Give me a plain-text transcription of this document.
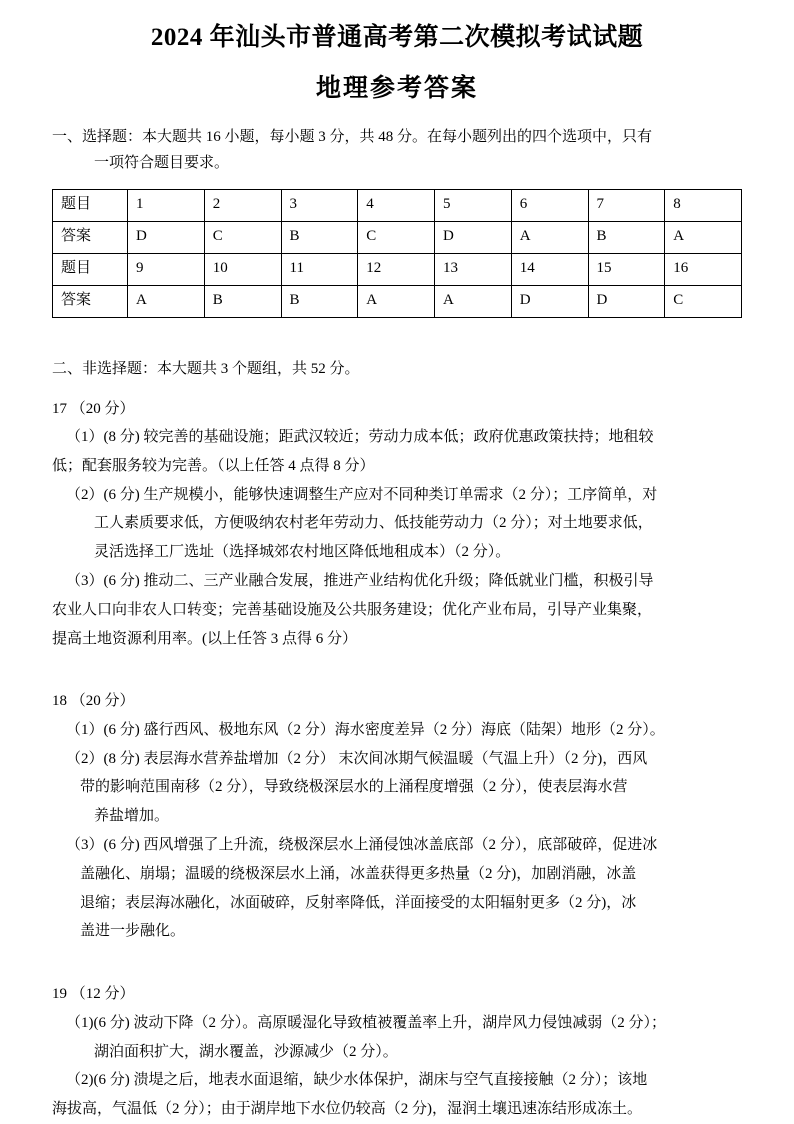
2024 年汕头市普通高考第二次模拟考试试题
地理参考答案
一、选择题：本大题共 16 小题，每小题 3 分，共 48 分。在每小题列出的四个选项中，只有
一项符合题目要求。
题目	1	2	3	4	5	6	7	8
答案	D	C	B	C	D	A	B	A
题目	9	10	11	12	13	14	15	16
答案	A	B	B	A	A	D	D	C
二、非选择题：本大题共 3 个题组，共 52 分。
17 （20 分）

（1）(8 分) 较完善的基础设施；距武汉较近；劳动力成本低；政府优惠政策扶持；地租较

低；配套服务较为完善。（以上任答 4 点得 8 分）

（2）(6 分) 生产规模小，能够快速调整生产应对不同种类订单需求（2 分）；工序简单，对

工人素质要求低，方便吸纳农村老年劳动力、低技能劳动力（2 分）；对土地要求低，

灵活选择工厂选址（选择城郊农村地区降低地租成本）（2 分）。

（3）(6 分) 推动二、三产业融合发展，推进产业结构优化升级；降低就业门槛，积极引导

农业人口向非农人口转变；完善基础设施及公共服务建设；优化产业布局，引导产业集聚，

提高土地资源利用率。(以上任答 3 点得 6 分）

18 （20 分）

（1）(6 分) 盛行西风、极地东风（2 分）海水密度差异（2 分）海底（陆架）地形（2 分）。

（2）(8 分) 表层海水营养盐增加（2 分） 末次间冰期气候温暖（气温上升）（2 分)，西风

带的影响范围南移（2 分），导致绕极深层水的上涌程度增强（2 分），使表层海水营

养盐增加。

（3）(6 分) 西风增强了上升流，绕极深层水上涌侵蚀冰盖底部（2 分），底部破碎，促进冰

盖融化、崩塌；温暖的绕极深层水上涌，冰盖获得更多热量（2 分)，加剧消融，冰盖

退缩；表层海冰融化，冰面破碎，反射率降低，洋面接受的太阳辐射更多（2 分)，冰

盖进一步融化。

19 （12 分）

（1)(6 分) 波动下降（2 分）。高原暖湿化导致植被覆盖率上升，湖岸风力侵蚀减弱（2 分）；

湖泊面积扩大，湖水覆盖，沙源减少（2 分）。

（2)(6 分) 溃堤之后，地表水面退缩，缺少水体保护，湖床与空气直接接触（2 分）；该地

海拔高，气温低（2 分）；由于湖岸地下水位仍较高（2 分)，湿润土壤迅速冻结形成冻土。
